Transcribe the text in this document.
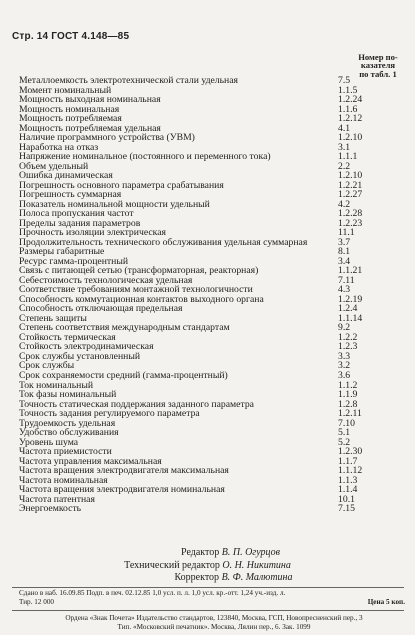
Стр. 14 ГОСТ 4.148—85
Номер по-
казателя
по табл. 1
Металлоемкость электротехнической стали удельная	7.5
Момент номинальный	1.1.5
Мощность выходная номинальная	1.2.24
Мощность номинальная	1.1.6
Мощность потребляемая	1.2.12
Мощность потребляемая удельная	4.1
Наличие программного устройства (УВМ)	1.2.10
Наработка на отказ	3.1
Напряжение номинальное (постоянного и переменного тока)	1.1.1
Объем удельный	2.2
Ошибка динамическая	1.2.10
Погрешность основного параметра срабатывания	1.2.21
Погрешность суммарная	1.2.27
Показатель номинальной мощности удельный	4.2
Полоса пропускания частот	1.2.28
Пределы задания параметров	1.2.23
Прочность изоляции электрическая	11.1
Продолжительность технического обслуживания удельная суммарная	3.7
Размеры габаритные	8.1
Ресурс гамма-процентный	3.4
Связь с питающей сетью (трансформаторная, реакторная)	1.1.21
Себестоимость технологическая удельная	7.11
Соответствие требованиям монтажной технологичности	4.3
Способность коммутационная контактов выходного органа	1.2.19
Способность отключающая предельная	1.2.4
Степень защиты	1.1.14
Степень соответствия международным стандартам	9.2
Стойкость термическая	1.2.2
Стойкость электродинамическая	1.2.3
Срок службы установленный	3.3
Срок службы	3.2
Срок сохраняемости средний (гамма-процентный)	3.6
Ток номинальный	1.1.2
Ток фазы номинальный	1.1.9
Точность статическая поддержания заданного параметра	1.2.8
Точность задания регулируемого параметра	1.2.11
Трудоемкость удельная	7.10
Удобство обслуживания	5.1
Уровень шума	5.2
Частота приемистости	1.2.30
Частота управления максимальная	1.1.7
Частота вращения электродвигателя максимальная	1.1.12
Частота номинальная	1.1.3
Частота вращения электродвигателя номинальная	1.1.4
Частота патентная	10.1
Энергоемкость	7.15
Редактор В. П. Огурцов
Технический редактор О. Н. Никитина
Корректор В. Ф. Малютина
Сдано в наб. 16.09.85 Подп. в печ. 02.12.85 1,0 усл. п. л. 1,0 усл. кр.-отт. 1,24 уч.-изд. л.
Тир. 12 000	Цена 5 коп.
Ордена «Знак Почета» Издательство стандартов, 123840, Москва, ГСП, Новопресненский пер., 3
Тип. «Московский печатник». Москва, Лялин пер., 6. Зак. 1099
